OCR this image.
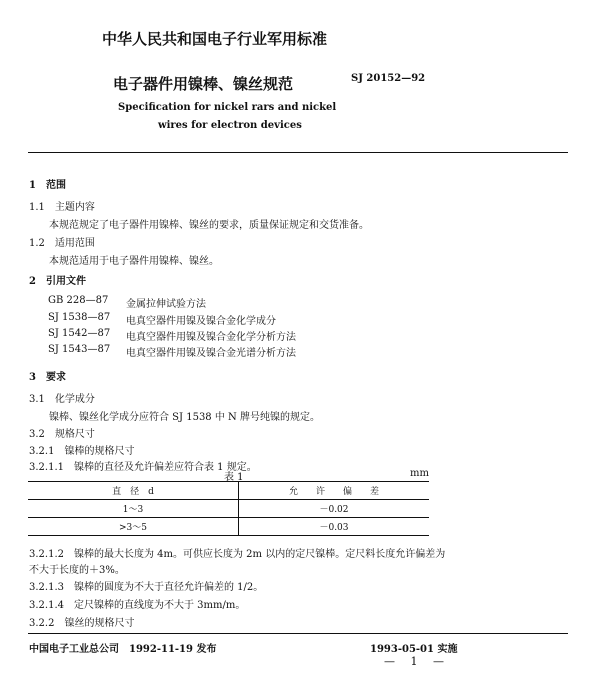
中华人民共和国电子行业军用标准
电子器件用镍棒、镍丝规范	SJ 20152—92
Specification for nickel rars and nickel
wires for electron devices
1　范围
1.1　主题内容
本规范规定了电子器件用镍棒、镍丝的要求，质量保证规定和交货准备。
1.2　适用范围
本规范适用于电子器件用镍棒、镍丝。
2　引用文件
GB 228—87 金属拉伸试验方法
SJ 1538—87 电真空器件用镍及镍合金化学成分
SJ 1542—87 电真空器件用镍及镍合金化学分析方法
SJ 1543—87 电真空器件用镍及镍合金光谱分析方法
3　要求
3.1　化学成分
镍棒、镍丝化学成分应符合 SJ 1538 中 N 牌号纯镍的规定。
3.2　规格尺寸
3.2.1　镍棒的规格尺寸
3.2.1.1　镍棒的直径及允许偏差应符合表 1 规定。
表 1	mm
直　径　d	允　　许　　偏　　差
1～3	－0.02
>3～5	－0.03
3.2.1.2　镍棒的最大长度为 4m。可供应长度为 2m 以内的定尺镍棒。定尺料长度允许偏差为
不大于长度的＋3%。
3.2.1.3　镍棒的圆度为不大于直径允许偏差的 1/2。
3.2.1.4　定尺镍棒的直线度为不大于 3mm/m。
3.2.2　镍丝的规格尺寸
中国电子工业总公司　1992-11-19 发布	1993-05-01 实施
— 1 —
